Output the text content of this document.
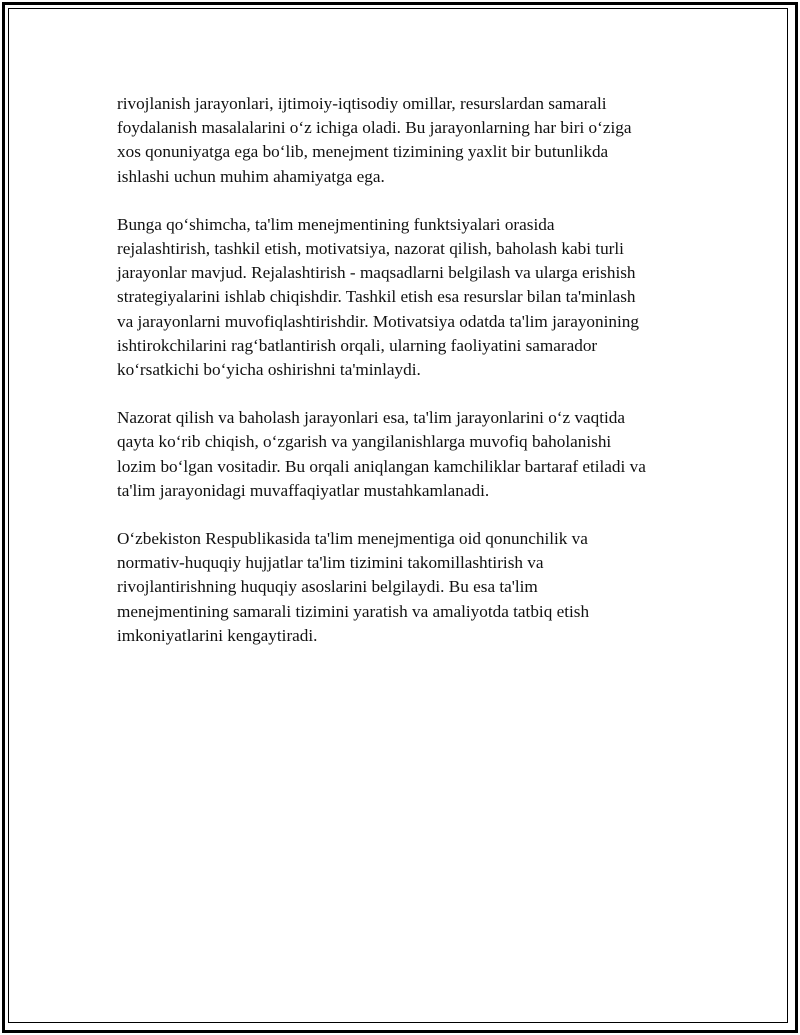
rivojlanish jarayonlari, ijtimoiy-iqtisodiy omillar, resurslardan samarali
foydalanish masalalarini o‘z ichiga oladi. Bu jarayonlarning har biri o‘ziga
xos qonuniyatga ega bo‘lib, menejment tizimining yaxlit bir butunlikda
ishlashi uchun muhim ahamiyatga ega.

Bunga qo‘shimcha, ta'lim menejmentining funktsiyalari orasida
rejalashtirish, tashkil etish, motivatsiya, nazorat qilish, baholash kabi turli
jarayonlar mavjud. Rejalashtirish - maqsadlarni belgilash va ularga erishish
strategiyalarini ishlab chiqishdir. Tashkil etish esa resurslar bilan ta'minlash
va jarayonlarni muvofiqlashtirishdir. Motivatsiya odatda ta'lim jarayonining
ishtirokchilarini rag‘batlantirish orqali, ularning faoliyatini samarador
ko‘rsatkichi bo‘yicha oshirishni ta'minlaydi.

Nazorat qilish va baholash jarayonlari esa, ta'lim jarayonlarini o‘z vaqtida
qayta ko‘rib chiqish, o‘zgarish va yangilanishlarga muvofiq baholanishi
lozim bo‘lgan vositadir. Bu orqali aniqlangan kamchiliklar bartaraf etiladi va
ta'lim jarayonidagi muvaffaqiyatlar mustahkamlanadi.

O‘zbekiston Respublikasida ta'lim menejmentiga oid qonunchilik va
normativ-huquqiy hujjatlar ta'lim tizimini takomillashtirish va
rivojlantirishning huquqiy asoslarini belgilaydi. Bu esa ta'lim
menejmentining samarali tizimini yaratish va amaliyotda tatbiq etish
imkoniyatlarini kengaytiradi.
